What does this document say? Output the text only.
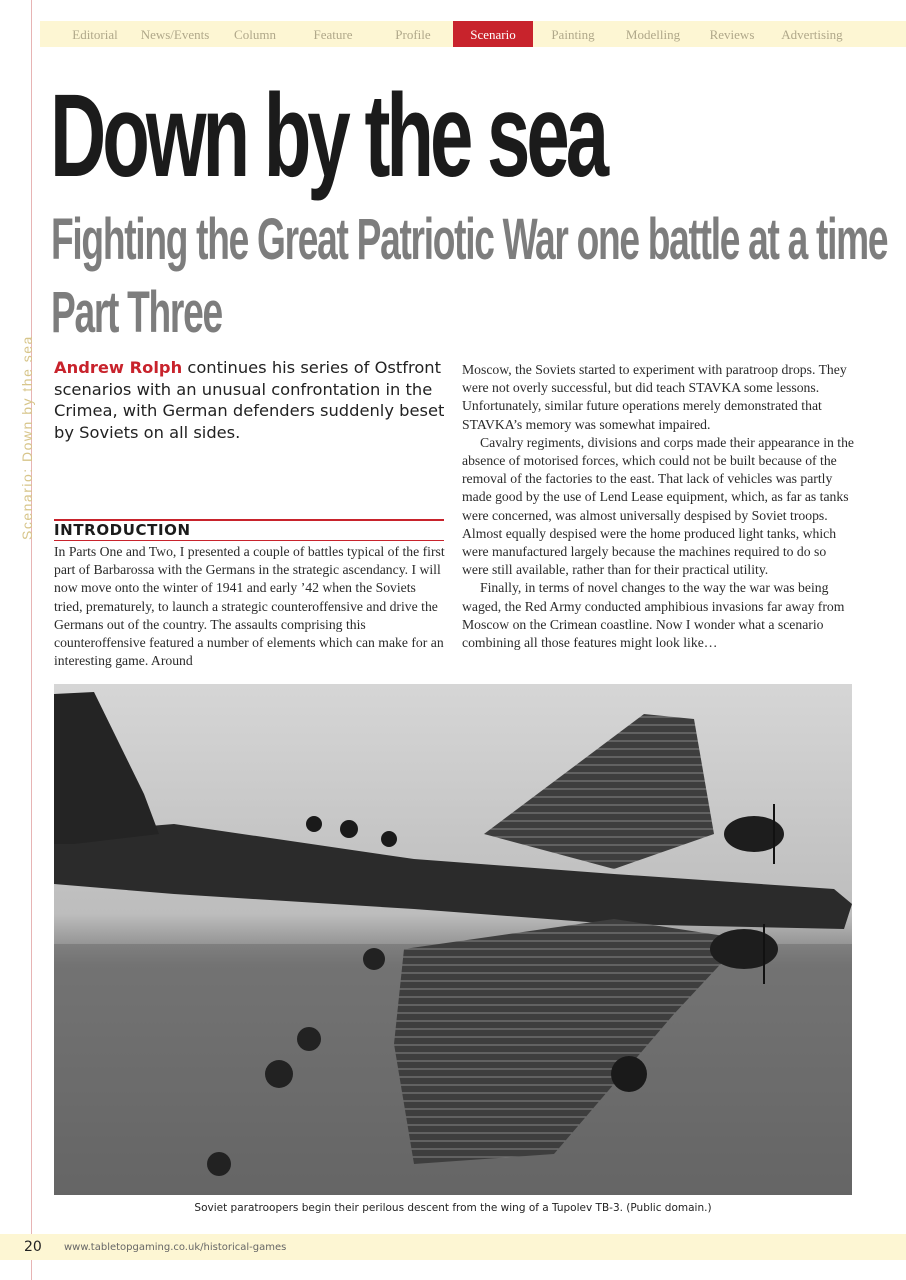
Editorial	News/Events	Column	Feature	Profile	Scenario	Painting	Modelling	Reviews	Advertising
Scenario: Down by the sea
Down by the sea
Fighting the Great Patriotic War one battle at a time
Part Three
Andrew Rolph continues his series of Ostfront scenarios with an unusual confrontation in the Crimea, with German defenders suddenly beset by Soviets on all sides.
INTRODUCTION

In Parts One and Two, I presented a couple of battles typical of the first part of Barbarossa with the Germans in the strategic ascendancy. I will now move onto the winter of 1941 and early ’42 when the Soviets tried, prematurely, to launch a strategic counteroffensive and drive the Germans out of the country. The assaults comprising this counteroffensive featured a number of elements which can make for an interesting game. Around

Moscow, the Soviets started to experiment with paratroop drops. They were not overly successful, but did teach STAVKA some lessons. Unfortunately, similar future operations merely demonstrated that STAVKA’s memory was somewhat impaired.

Cavalry regiments, divisions and corps made their appearance in the absence of motorised forces, which could not be built because of the removal of the factories to the east. That lack of vehicles was partly made good by the use of Lend Lease equipment, which, as far as tanks were concerned, was almost universally despised by Soviet troops. Almost equally despised were the home produced light tanks, which were manufactured largely because the machines required to do so were still available, rather than for their practical utility.

Finally, in terms of novel changes to the way the war was being waged, the Red Army conducted amphibious invasions far away from Moscow on the Crimean coastline. Now I wonder what a scenario combining all those features might look like…

Soviet paratroopers begin their perilous descent from the wing of a Tupolev TB-3. (Public domain.)
20 www.tabletopgaming.co.uk/historical-games
